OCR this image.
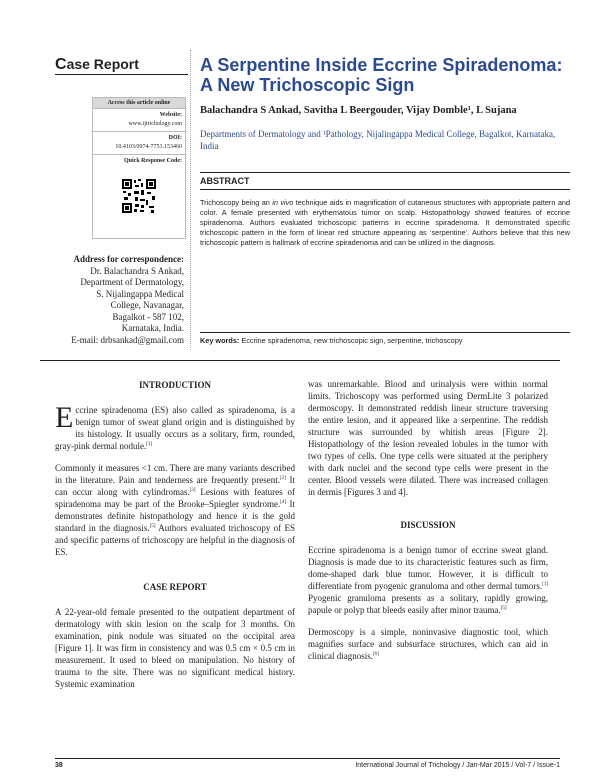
Case Report	A Serpentine Inside Eccrine Spiradenoma: A New Trichoscopic Sign
Balachandra S Ankad, Savitha L Beergouder, Vijay Domble¹, L Sujana
Departments of Dermatology and ¹Pathology, Nijalingappa Medical College, Bagalkot, Karnataka, India
Access this article online
Website:
www.ijtrichology.com
DOI:
10.4103/0974-7753.153460
Quick Response Code:
Address for correspondence:
Dr. Balachandra S Ankad,
Department of Dermatology,
S. Nijalingappa Medical
College, Navanagar,
Bagalkot - 587 102,
Karnataka, India.
E-mail: drbsankad@gmail.com
ABSTRACT
Trichoscopy being an in vivo technique aids in magnification of cutaneous structures with appropriate pattern and color. A female presented with erythematous tumor on scalp. Histopathology showed features of eccrine spiradenoma. Authors evaluated trichoscopic patterns in eccrine spiradenoma. It demonstrated specific trichoscopic pattern in the form of linear red structure appearing as ‘serpentine’. Authors believe that this new trichoscopic pattern is hallmark of eccrine spiradenoma and can be utilized in the diagnosis.
Key words: Eccrine spiradenoma, new trichoscopic sign, serpentine, trichoscopy
INTRODUCTION
Eccrine spiradenoma (ES) also called as spiradenoma, is a benign tumor of sweat gland origin and is distinguished by its histology. It usually occurs as a solitary, firm, rounded, gray-pink dermal nodule.[1]
Commonly it measures <1 cm. There are many variants described in the literature. Pain and tenderness are frequently present.[2] It can occur along with cylindromas.[3] Lesions with features of spiradenoma may be part of the Brooke–Spiegler syndrome.[4] It demonstrates definite histopathology and hence it is the gold standard in the diagnosis.[5] Authors evaluated trichoscopy of ES and specific patterns of trichoscopy are helpful in the diagnosis of ES.
CASE REPORT
A 22-year-old female presented to the outpatient department of dermatology with skin lesion on the scalp for 3 months. On examination, pink nodule was situated on the occipital area [Figure 1]. It was firm in consistency and was 0.5 cm × 0.5 cm in measurement. It used to bleed on manipulation. No history of trauma to the site. There was no significant medical history. Systemic examination
was unremarkable. Blood and urinalysis were within normal limits. Trichoscopy was performed using DermLite 3 polarized dermoscopy. It demonstrated reddish linear structure traversing the entire lesion, and it appeared like a serpentine. The reddish structure was surrounded by whitish areas [Figure 2]. Histopathology of the lesion revealed lobules in the tumor with two types of cells. One type cells were situated at the periphery with dark nuclei and the second type cells were present in the center. Blood vessels were dilated. There was increased collagen in dermis [Figures 3 and 4].
DISCUSSION
Eccrine spiradenoma is a benign tumor of eccrine sweat gland. Diagnosis is made due to its characteristic features such as firm, dome-shaped dark blue tumor. However, it is difficult to differentiate from pyogenic granuloma and other dermal tumors.[1] Pyogenic granuloma presents as a solitary, rapidly growing, papule or polyp that bleeds easily after minor trauma.[5]
Dermoscopy is a simple, noninvasive diagnostic tool, which magnifies surface and subsurface structures, which can aid in clinical diagnosis.[6]
38	International Journal of Trichology / Jan-Mar 2015 / Vol-7 / Issue-1
